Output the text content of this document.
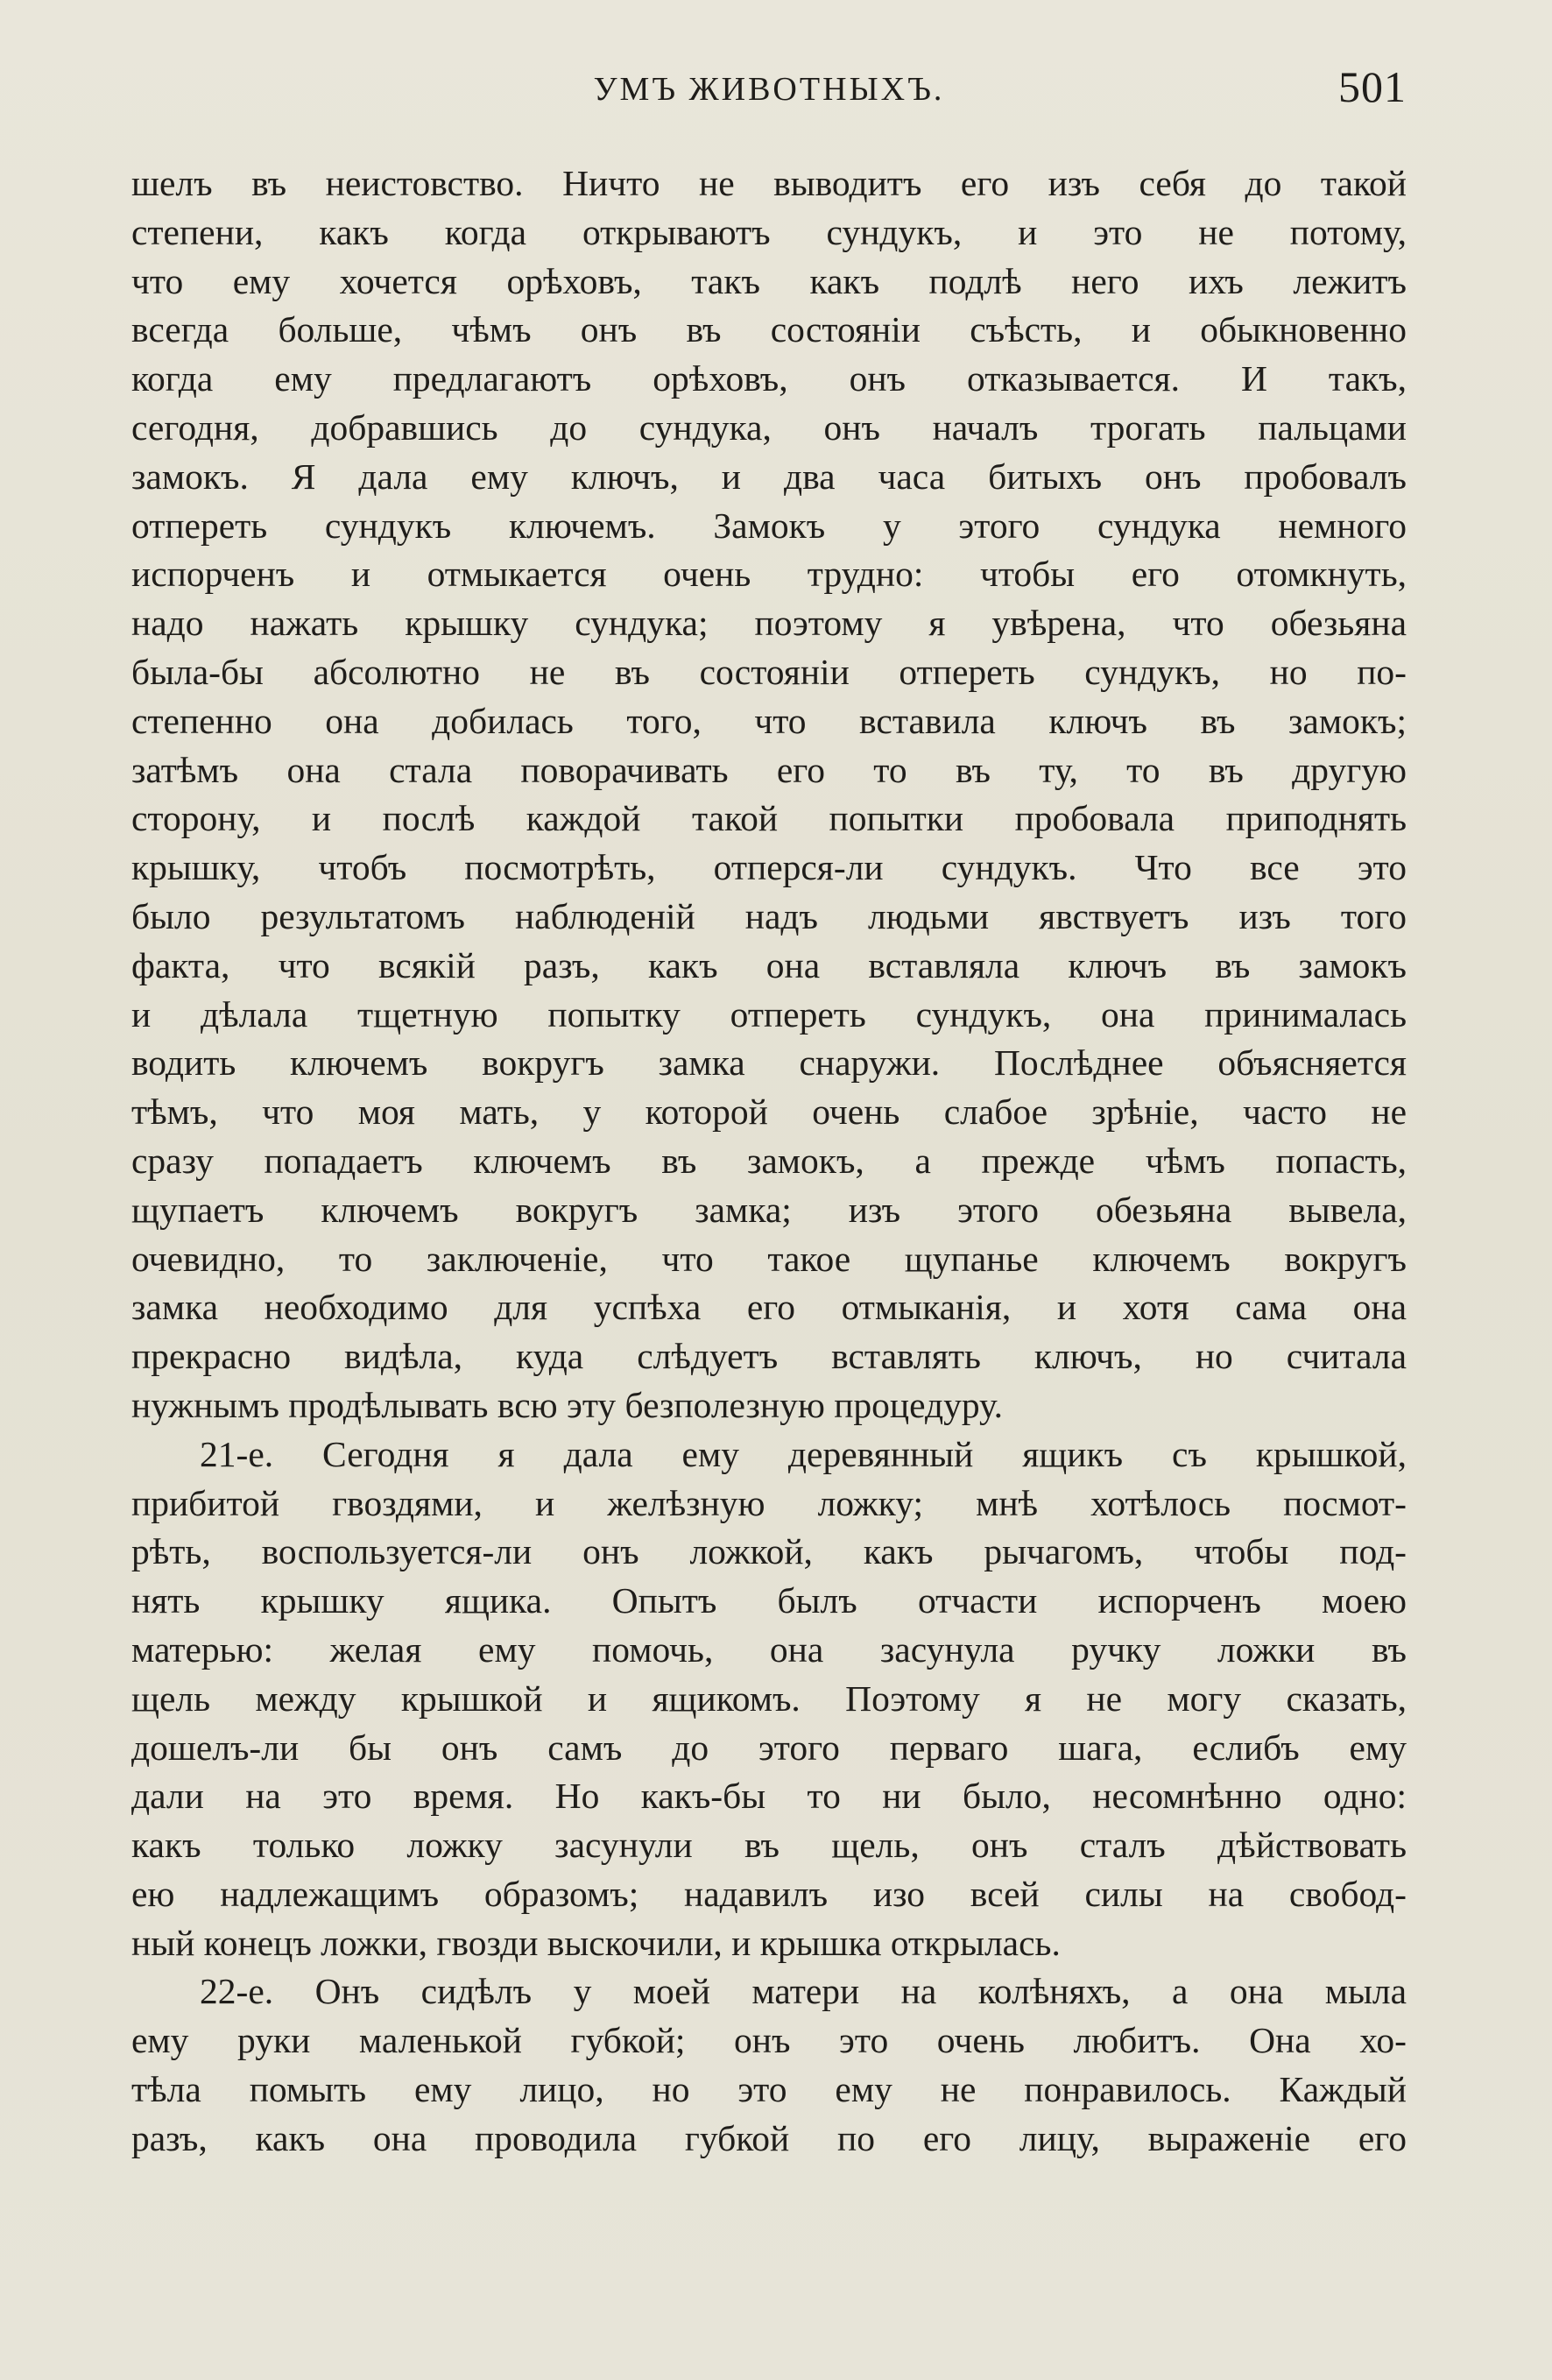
УМЪ ЖИВОТНЫХЪ.	501
шелъ въ неистовство. Ничто не выводитъ его изъ себя до такой
степени, какъ когда открываютъ сундукъ, и это не потому,
что ему хочется орѣховъ, такъ какъ подлѣ него ихъ лежитъ
всегда больше, чѣмъ онъ въ состояніи съѣсть, и обыкновенно
когда ему предлагаютъ орѣховъ, онъ отказывается. И такъ,
сегодня, добравшись до сундука, онъ началъ трогать пальцами
замокъ. Я дала ему ключъ, и два часа битыхъ онъ пробовалъ
отпереть сундукъ ключемъ. Замокъ у этого сундука немного
испорченъ и отмыкается очень трудно: чтобы его отомкнуть,
надо нажать крышку сундука; поэтому я увѣрена, что обезьяна
была-бы абсолютно не въ состояніи отпереть сундукъ, но по-
степенно она добилась того, что вставила ключъ въ замокъ;
затѣмъ она стала поворачивать его то въ ту, то въ другую
сторону, и послѣ каждой такой попытки пробовала приподнять
крышку, чтобъ посмотрѣть, отперся-ли сундукъ. Что все это
было результатомъ наблюденій надъ людьми явствуетъ изъ того
факта, что всякій разъ, какъ она вставляла ключъ въ замокъ
и дѣлала тщетную попытку отпереть сундукъ, она принималась
водить ключемъ вокругъ замка снаружи. Послѣднее объясняется
тѣмъ, что моя мать, у которой очень слабое зрѣніе, часто не
сразу попадаетъ ключемъ въ замокъ, а прежде чѣмъ попасть,
щупаетъ ключемъ вокругъ замка; изъ этого обезьяна вывела,
очевидно, то заключеніе, что такое щупанье ключемъ вокругъ
замка необходимо для успѣха его отмыканія, и хотя сама она
прекрасно видѣла, куда слѣдуетъ вставлять ключъ, но считала
нужнымъ продѣлывать всю эту безполезную процедуру.
21-е. Сегодня я дала ему деревянный ящикъ съ крышкой,
прибитой гвоздями, и желѣзную ложку; мнѣ хотѣлось посмот-
рѣть, воспользуется-ли онъ ложкой, какъ рычагомъ, чтобы под-
нять крышку ящика. Опытъ былъ отчасти испорченъ моею
матерью: желая ему помочь, она засунула ручку ложки въ
щель между крышкой и ящикомъ. Поэтому я не могу сказать,
дошелъ-ли бы онъ самъ до этого перваго шага, еслибъ ему
дали на это время. Но какъ-бы то ни было, несомнѣнно одно:
какъ только ложку засунули въ щель, онъ сталъ дѣйствовать
ею надлежащимъ образомъ; надавилъ изо всей силы на свобод-
ный конецъ ложки, гвозди выскочили, и крышка открылась.
22-е. Онъ сидѣлъ у моей матери на колѣняхъ, а она мыла
ему руки маленькой губкой; онъ это очень любитъ. Она хо-
тѣла помыть ему лицо, но это ему не понравилось. Каждый
разъ, какъ она проводила губкой по его лицу, выраженіе его
